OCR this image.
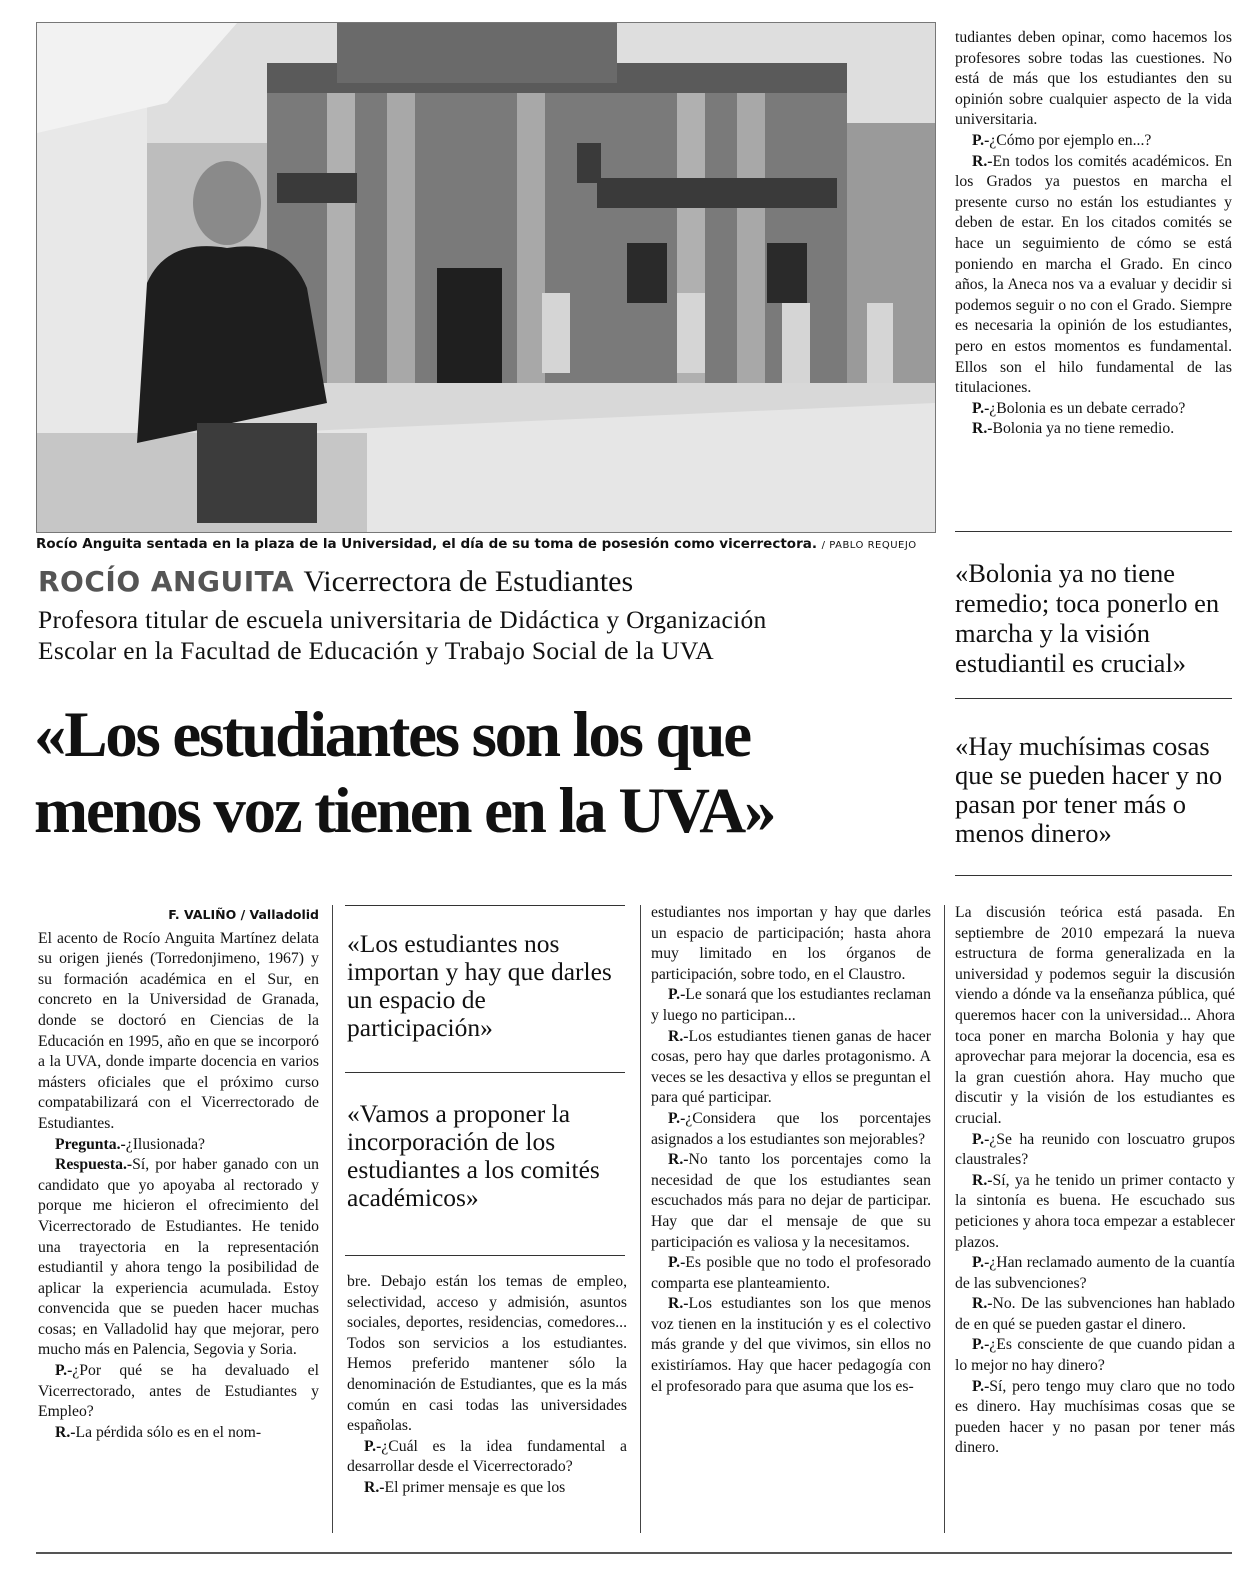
Rocío Anguita sentada en la plaza de la Universidad, el día de su toma de posesión como vicerrectora. / PABLO REQUEJO
ROCÍO ANGUITA Vicerrectora de Estudiantes
Profesora titular de escuela universitaria de Didáctica y Organización
Escolar en la Facultad de Educación y Trabajo Social de la UVA
«Los estudiantes son los que
menos voz tienen en la UVA»

tudiantes deben opinar, como hacemos los profesores sobre todas las cuestiones. No está de más que los estudiantes den su opinión sobre cualquier aspecto de la vida universitaria.

P.-¿Cómo por ejemplo en...?

R.-En todos los comités académicos. En los Grados ya puestos en marcha el presente curso no están los estudiantes y deben de estar. En los citados comités se hace un seguimiento de cómo se está poniendo en marcha el Grado. En cinco años, la Aneca nos va a evaluar y decidir si podemos seguir o no con el Grado. Siempre es necesaria la opinión de los estudiantes, pero en estos momentos es fundamental. Ellos son el hilo fundamental de las titulaciones.

P.-¿Bolonia es un debate cerrado?

R.-Bolonia ya no tiene remedio.

«Bolonia ya no tiene remedio; toca ponerlo en marcha y la visión estudiantil es crucial»
«Hay muchísimas cosas que se pueden hacer y no pasan por tener más o menos dinero»
F. VALIÑO / Valladolid

El acento de Rocío Anguita Martínez delata su origen jienés (Torredonjimeno, 1967) y su formación académica en el Sur, en concreto en la Universidad de Granada, donde se doctoró en Ciencias de la Educación en 1995, año en que se incorporó a la UVA, donde imparte docencia en varios másters oficiales que el próximo curso compatabilizará con el Vicerrectorado de Estudiantes.

Pregunta.-¿Ilusionada?

Respuesta.-Sí, por haber ganado con un candidato que yo apoyaba al rectorado y porque me hicieron el ofrecimiento del Vicerrectorado de Estudiantes. He tenido una trayectoria en la representación estudiantil y ahora tengo la posibilidad de aplicar la experiencia acumulada. Estoy convencida que se pueden hacer muchas cosas; en Valladolid hay que mejorar, pero mucho más en Palencia, Segovia y Soria.

P.-¿Por qué se ha devaluado el Vicerrectorado, antes de Estudiantes y Empleo?

R.-La pérdida sólo es en el nom-

«Los estudiantes nos importan y hay que darles un espacio de participación»
«Vamos a proponer la incorporación de los estudiantes a los comités académicos»

bre. Debajo están los temas de empleo, selectividad, acceso y admisión, asuntos sociales, deportes, residencias, comedores... Todos son servicios a los estudiantes. Hemos preferido mantener sólo la denominación de Estudiantes, que es la más común en casi todas las universidades españolas.

P.-¿Cuál es la idea fundamental a desarrollar desde el Vicerrectorado?

R.-El primer mensaje es que los

estudiantes nos importan y hay que darles un espacio de participación; hasta ahora muy limitado en los órganos de participación, sobre todo, en el Claustro.

P.-Le sonará que los estudiantes reclaman y luego no participan...

R.-Los estudiantes tienen ganas de hacer cosas, pero hay que darles protagonismo. A veces se les desactiva y ellos se preguntan el para qué participar.

P.-¿Considera que los porcentajes asignados a los estudiantes son mejorables?

R.-No tanto los porcentajes como la necesidad de que los estudiantes sean escuchados más para no dejar de participar. Hay que dar el mensaje de que su participación es valiosa y la necesitamos.

P.-Es posible que no todo el profesorado comparta ese planteamiento.

R.-Los estudiantes son los que menos voz tienen en la institución y es el colectivo más grande y del que vivimos, sin ellos no existiríamos. Hay que hacer pedagogía con el profesorado para que asuma que los es-

La discusión teórica está pasada. En septiembre de 2010 empezará la nueva estructura de forma generalizada en la universidad y podemos seguir la discusión viendo a dónde va la enseñanza pública, qué queremos hacer con la universidad... Ahora toca poner en marcha Bolonia y hay que aprovechar para mejorar la docencia, esa es la gran cuestión ahora. Hay mucho que discutir y la visión de los estudiantes es crucial.

P.-¿Se ha reunido con loscuatro grupos claustrales?

R.-Sí, ya he tenido un primer contacto y la sintonía es buena. He escuchado sus peticiones y ahora toca empezar a establecer plazos.

P.-¿Han reclamado aumento de la cuantía de las subvenciones?

R.-No. De las subvenciones han hablado de en qué se pueden gastar el dinero.

P.-¿Es consciente de que cuando pidan a lo mejor no hay dinero?

P.-Sí, pero tengo muy claro que no todo es dinero. Hay muchísimas cosas que se pueden hacer y no pasan por tener más dinero.
